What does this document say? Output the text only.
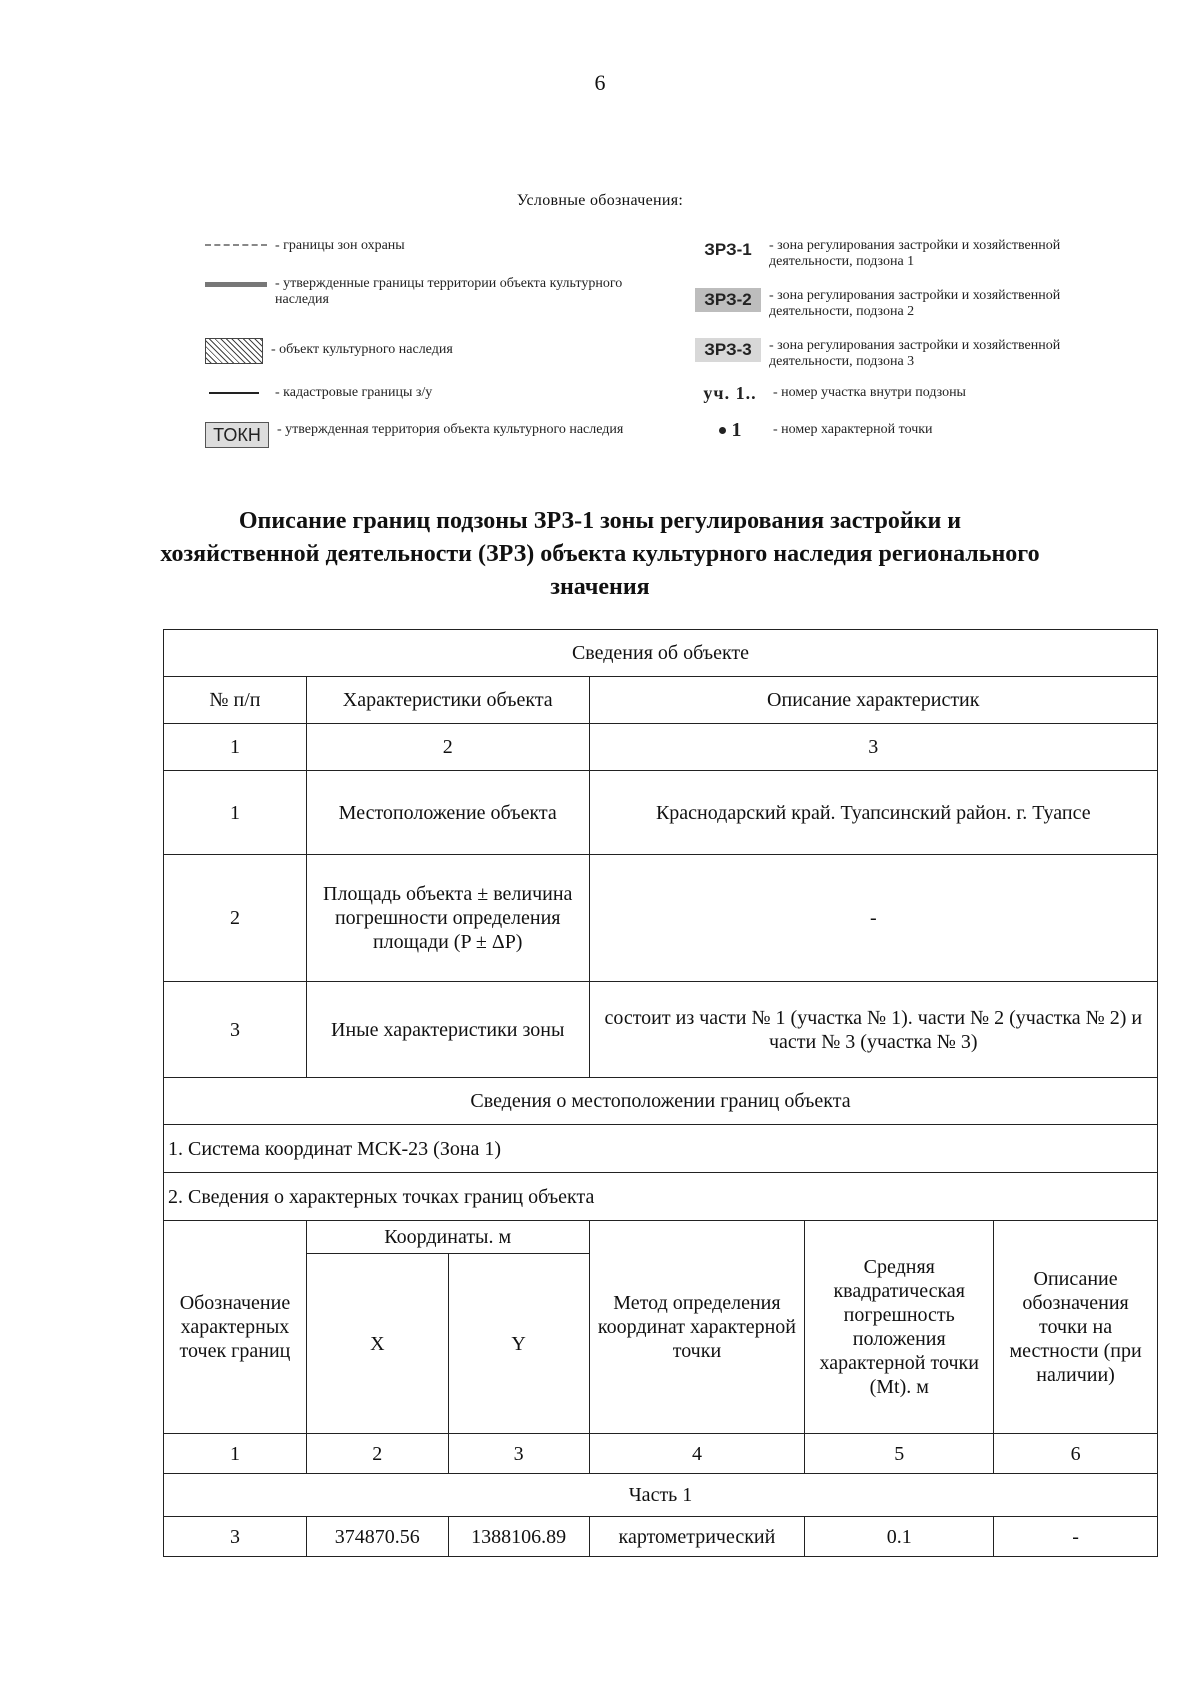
6
Условные обозначения:
- границы зон охраны
- утвержденные границы территории объекта культурного наследия
- объект культурного наследия
- кадастровые границы з/у
ТОКН	- утвержденная территория объекта культурного наследия
ЗРЗ-1	- зона регулирования застройки и хозяйственной деятельности, подзона 1
ЗРЗ-2	- зона регулирования застройки и хозяйственной деятельности, подзона 2
ЗРЗ-3	- зона регулирования застройки и хозяйственной деятельности, подзона 3
уч. 1..	- номер участка внутри подзоны
1	- номер характерной точки
Описание границ подзоны ЗРЗ-1 зоны регулирования застройки и хозяйственной деятельности (ЗРЗ) объекта культурного наследия регионального значения
Сведения об объекте					
№ п/п	Характеристики объекта		Описание характеристик		
1	2		3		
1	Местоположение объекта		Краснодарский край. Туапсинский район. г. Туапсе		
2	Площадь объекта ± величина погрешности определения площади (P ± ΔP)		-		
3	Иные характеристики зоны		состоит из части № 1 (участка № 1). части № 2 (участка № 2) и части № 3 (участка № 3)		
Сведения о местоположении границ объекта					
1. Система координат МСК-23 (Зона 1)					
2. Сведения о характерных точках границ объекта					
Обозначение характерных точек границ	Координаты. м		Метод определения координат характерной точки	Средняя квадратическая погрешность положения характерной точки (Mt). м	Описание обозначения точки на местности (при наличии)
	X	Y			
1	2	3	4	5	6
Часть 1					
3	374870.56	1388106.89	картометрический	0.1	-
